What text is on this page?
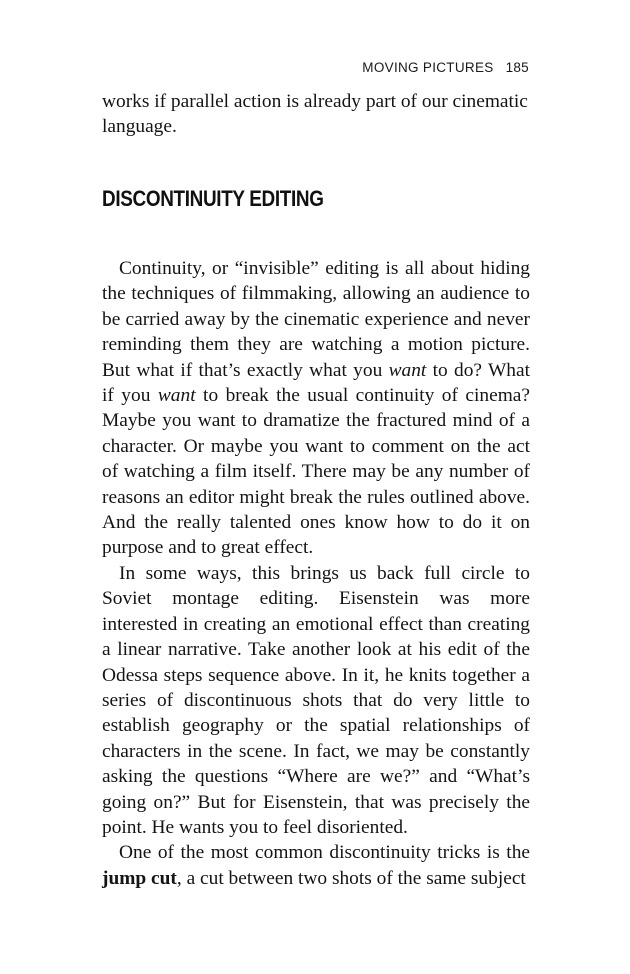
MOVING PICTURES 185

works if parallel action is already part of our cinematic language.

DISCONTINUITY EDITING

Continuity, or “invisible” editing is all about hiding the techniques of filmmaking, allowing an audience to be carried away by the cinematic experience and never reminding them they are watching a motion picture. But what if that’s exactly what you want to do? What if you want to break the usual continuity of cinema? Maybe you want to dramatize the fractured mind of a character. Or maybe you want to comment on the act of watching a film itself. There may be any number of reasons an editor might break the rules outlined above. And the really talented ones know how to do it on purpose and to great effect.

In some ways, this brings us back full circle to Soviet montage editing. Eisenstein was more interested in creating an emotional effect than creating a linear narrative. Take another look at his edit of the Odessa steps sequence above. In it, he knits together a series of discontinuous shots that do very little to establish geography or the spatial relationships of characters in the scene. In fact, we may be constantly asking the questions “Where are we?” and “What’s going on?” But for Eisenstein, that was precisely the point. He wants you to feel disoriented.

One of the most common discontinuity tricks is the jump cut, a cut between two shots of the same subject
